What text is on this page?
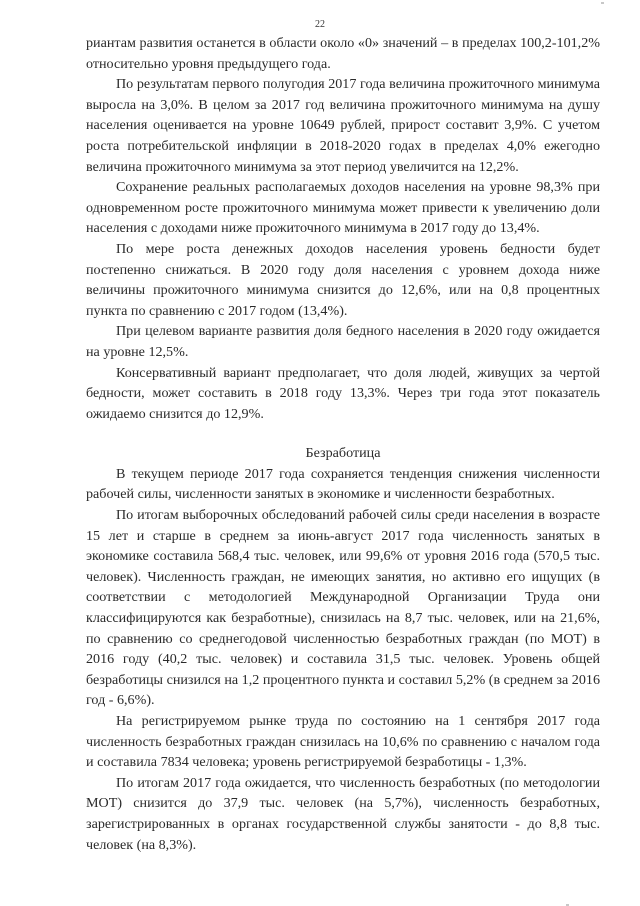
22

риантам развития останется в области около «0» значений – в пределах 100,2-101,2% относительно уровня предыдущего года.

По результатам первого полугодия 2017 года величина прожиточного минимума выросла на 3,0%. В целом за 2017 год величина прожиточного минимума на душу населения оценивается на уровне 10649 рублей, прирост составит 3,9%. С учетом роста потребительской инфляции в 2018-2020 годах в пределах 4,0% ежегодно величина прожиточного минимума за этот период увеличится на 12,2%.

Сохранение реальных располагаемых доходов населения на уровне 98,3% при одновременном росте прожиточного минимума может привести к увеличению доли населения с доходами ниже прожиточного минимума в 2017 году до 13,4%.

По мере роста денежных доходов населения уровень бедности будет постепенно снижаться. В 2020 году доля населения с уровнем дохода ниже величины прожиточного минимума снизится до 12,6%, или на 0,8 процентных пункта по сравнению с 2017 годом (13,4%).

При целевом варианте развития доля бедного населения в 2020 году ожидается на уровне 12,5%.

Консервативный вариант предполагает, что доля людей, живущих за чертой бедности, может составить в 2018 году 13,3%. Через три года этот показатель ожидаемо снизится до 12,9%.

Безработица

В текущем периоде 2017 года сохраняется тенденция снижения численности рабочей силы, численности занятых в экономике и численности безработных.

По итогам выборочных обследований рабочей силы среди населения в возрасте 15 лет и старше в среднем за июнь-август 2017 года численность занятых в экономике составила 568,4 тыс. человек, или 99,6% от уровня 2016 года (570,5 тыс. человек). Численность граждан, не имеющих занятия, но активно его ищущих (в соответствии с методологией Международной Организации Труда они классифицируются как безработные), снизилась на 8,7 тыс. человек, или на 21,6%, по сравнению со среднегодовой численностью безработных граждан (по МОТ) в 2016 году (40,2 тыс. человек) и составила 31,5 тыс. человек. Уровень общей безработицы снизился на 1,2 процентного пункта и составил 5,2% (в среднем за 2016 год - 6,6%).

На регистрируемом рынке труда по состоянию на 1 сентября 2017 года численность безработных граждан снизилась на 10,6% по сравнению с началом года и составила 7834 человека; уровень регистрируемой безработицы - 1,3%.

По итогам 2017 года ожидается, что численность безработных (по методологии МОТ) снизится до 37,9 тыс. человек (на 5,7%), численность безработных, зарегистрированных в органах государственной службы занятости - до 8,8 тыс. человек (на 8,3%).
